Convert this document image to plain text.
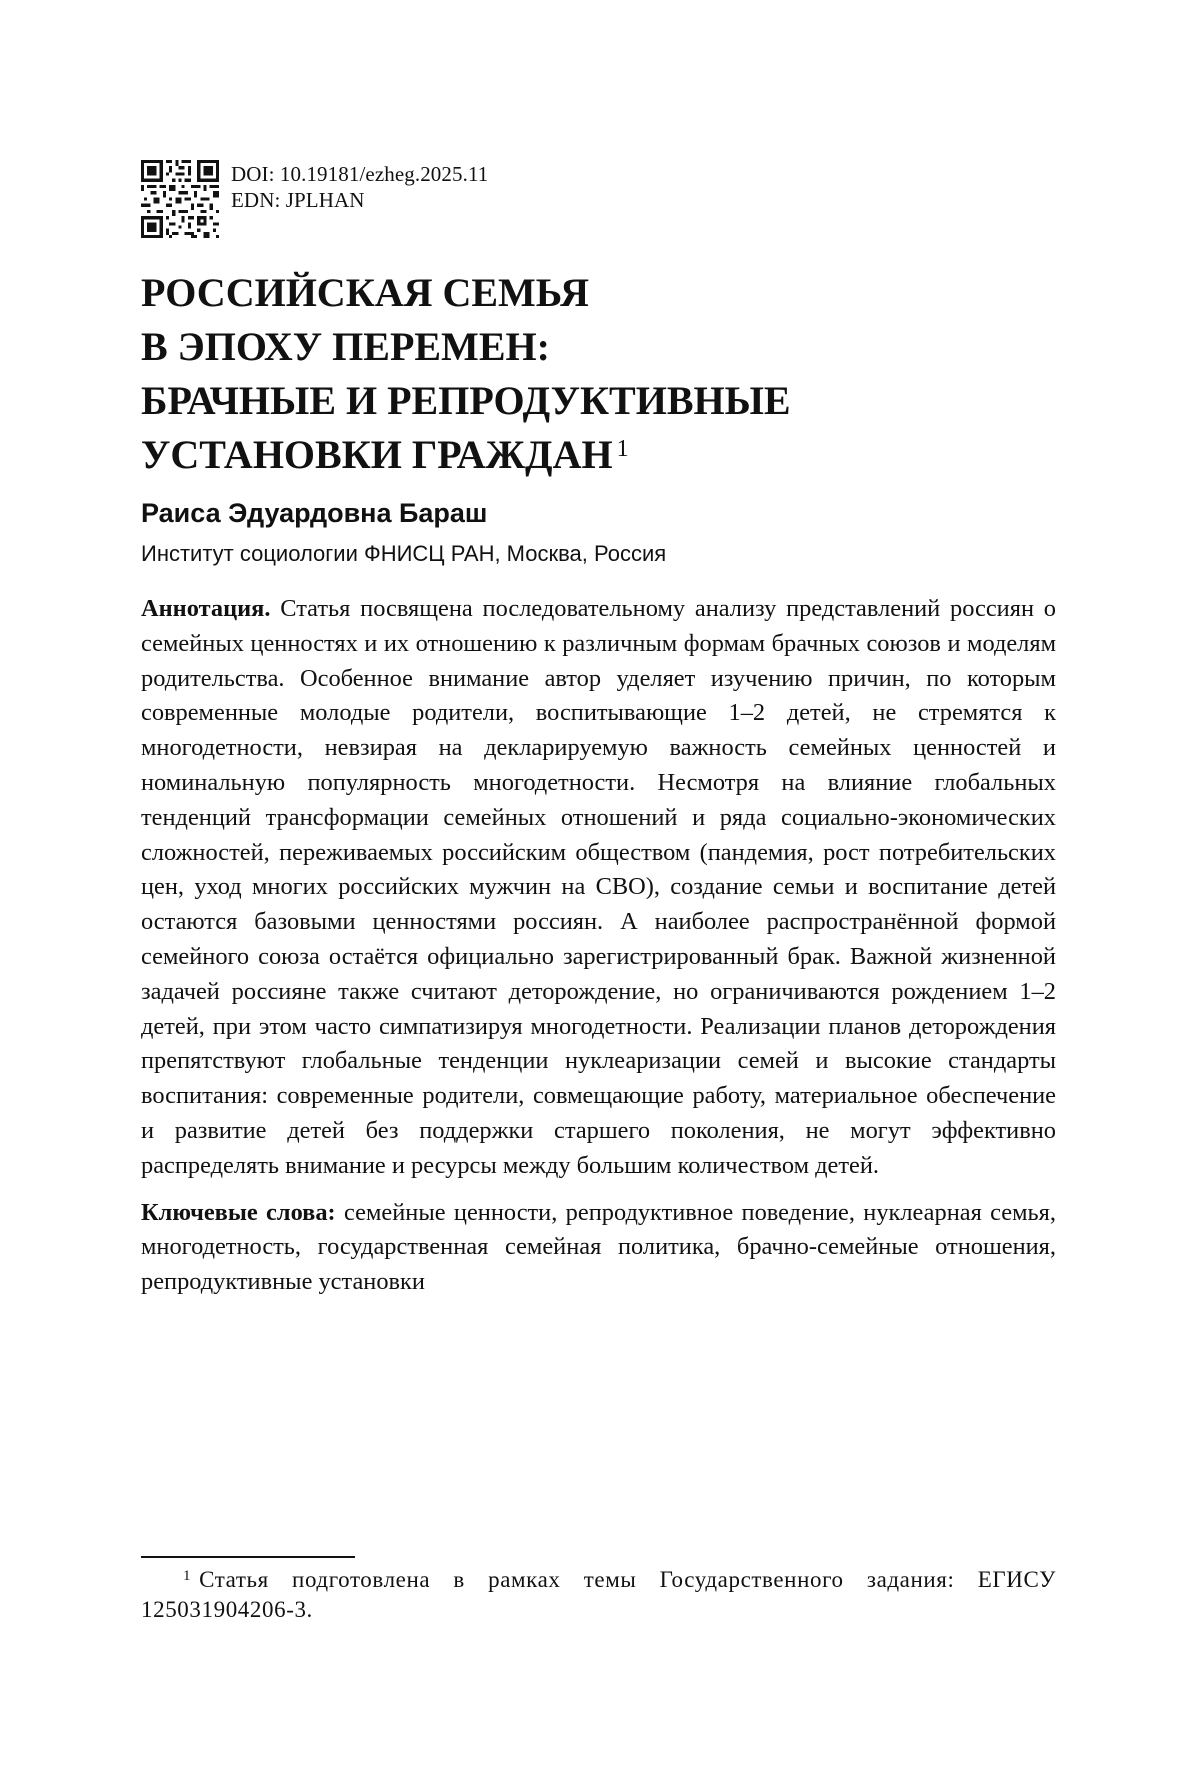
DOI: 10.19181/ezheg.2025.11
EDN: JPLHAN
РОССИЙСКАЯ СЕМЬЯ
В ЭПОХУ ПЕРЕМЕН:
БРАЧНЫЕ И РЕПРОДУКТИВНЫЕ
УСТАНОВКИ ГРАЖДАН $^1$
Раиса Эдуардовна Бараш
Институт социологии ФНИСЦ РАН, Москва, Россия

Аннотация. Статья посвящена последовательному анализу представлений россиян о семейных ценностях и их отношению к различным формам брачных союзов и моделям родительства. Особенное внимание автор уделяет изучению причин, по которым современные молодые родители, воспитывающие 1–2 детей, не стремятся к многодетности, невзирая на декларируемую важность семейных ценностей и номинальную популярность многодетности. Несмотря на влияние глобальных тенденций трансформации семейных отношений и ряда социально-экономических сложностей, переживаемых российским обществом (пандемия, рост потребительских цен, уход многих российских мужчин на СВО), создание семьи и воспитание детей остаются базовыми ценностями россиян. А наиболее распространённой формой семейного союза остаётся официально зарегистрированный брак. Важной жизненной задачей россияне также считают деторождение, но ограничиваются рождением 1–2 детей, при этом часто симпатизируя многодетности. Реализации планов деторождения препятствуют глобальные тенденции нуклеаризации семей и высокие стандарты воспитания: современные родители, совмещающие работу, материальное обеспечение и развитие детей без поддержки старшего поколения, не могут эффективно распределять внимание и ресурсы между большим количеством детей.

Ключевые слова: семейные ценности, репродуктивное поведение, нуклеарная семья, многодетность, государственная семейная политика, брачно-семейные отношения, репродуктивные установки

$^1$ Статья подготовлена в рамках темы Государственного задания: ЕГИСУ 125031904206-3.
